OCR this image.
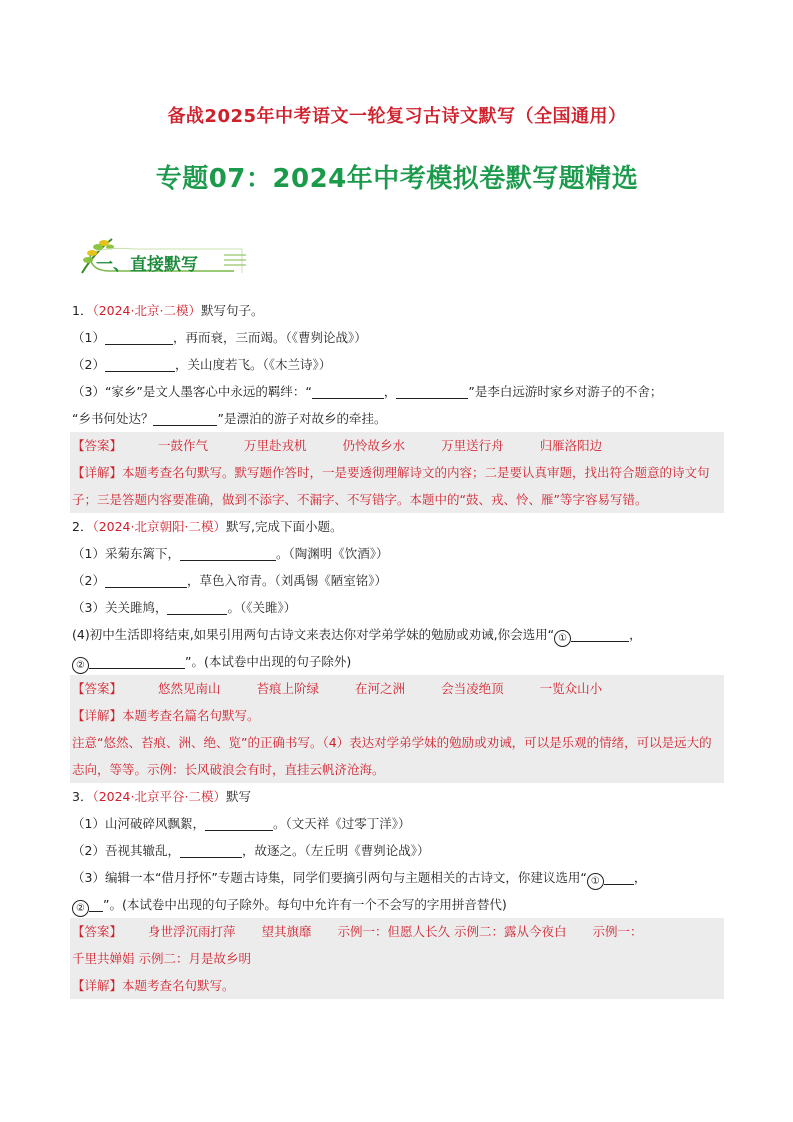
备战2025年中考语文一轮复习古诗文默写（全国通用）
专题07：2024年中考模拟卷默写题精选
一、直接默写
1．（2024·北京·二模）默写句子。
（1）	，再而衰，三而竭。（《曹刿论战》）
（2）	，关山度若飞。（《木兰诗》）
（3）“家乡”是文人墨客心中永远的羁绊：“	，	”是李白远游时家乡对游子的不舍；
“乡书何处达？	”是漂泊的游子对故乡的牵挂。
【答案】	一鼓作气	万里赴戎机	仍怜故乡水	万里送行舟	归雁洛阳边
【详解】本题考查名句默写。默写题作答时，一是要透彻理解诗文的内容；二是要认真审题，找出符合题意的诗文句子；三是答题内容要准确，做到不添字、不漏字、不写错字。本题中的“鼓、戎、怜、雁”等字容易写错。
2．（2024·北京朝阳·二模）默写,完成下面小题。
（1）采菊东篱下，	。（陶渊明《饮酒》）
（2）	，草色入帘青。（刘禹锡《陋室铭》）
（3）关关雎鸠，	。（《关雎》）
(4)初中生活即将结束,如果引用两句古诗文来表达你对学弟学妹的勉励或劝诫,你会选用“ ①	，
②	”。(本试卷中出现的句子除外)
【答案】	悠然见南山	苔痕上阶绿	在河之洲	会当凌绝顶	一览众山小
【详解】本题考查名篇名句默写。
注意“悠然、苔痕、洲、绝、览”的正确书写。（4）表达对学弟学妹的勉励或劝诫，可以是乐观的情绪，可以是远大的志向，等等。示例：长风破浪会有时，直挂云帆济沧海。
3．（2024·北京平谷·二模）默写
（1）山河破碎风飘絮，	。（文天祥《过零丁洋》）
（2）吾视其辙乱，	，故逐之。（左丘明《曹刿论战》）
（3）编辑一本“借月抒怀”专题古诗集，同学们要摘引两句与主题相关的古诗文，你建议选用“ ①	，
② ”。(本试卷中出现的句子除外。每句中允许有一个不会写的字用拼音替代)
【答案】 身世浮沉雨打萍 望其旗靡 示例一：但愿人长久 示例二：露从今夜白 示例一：
千里共婵娟 示例二：月是故乡明
【详解】本题考查名句默写。
